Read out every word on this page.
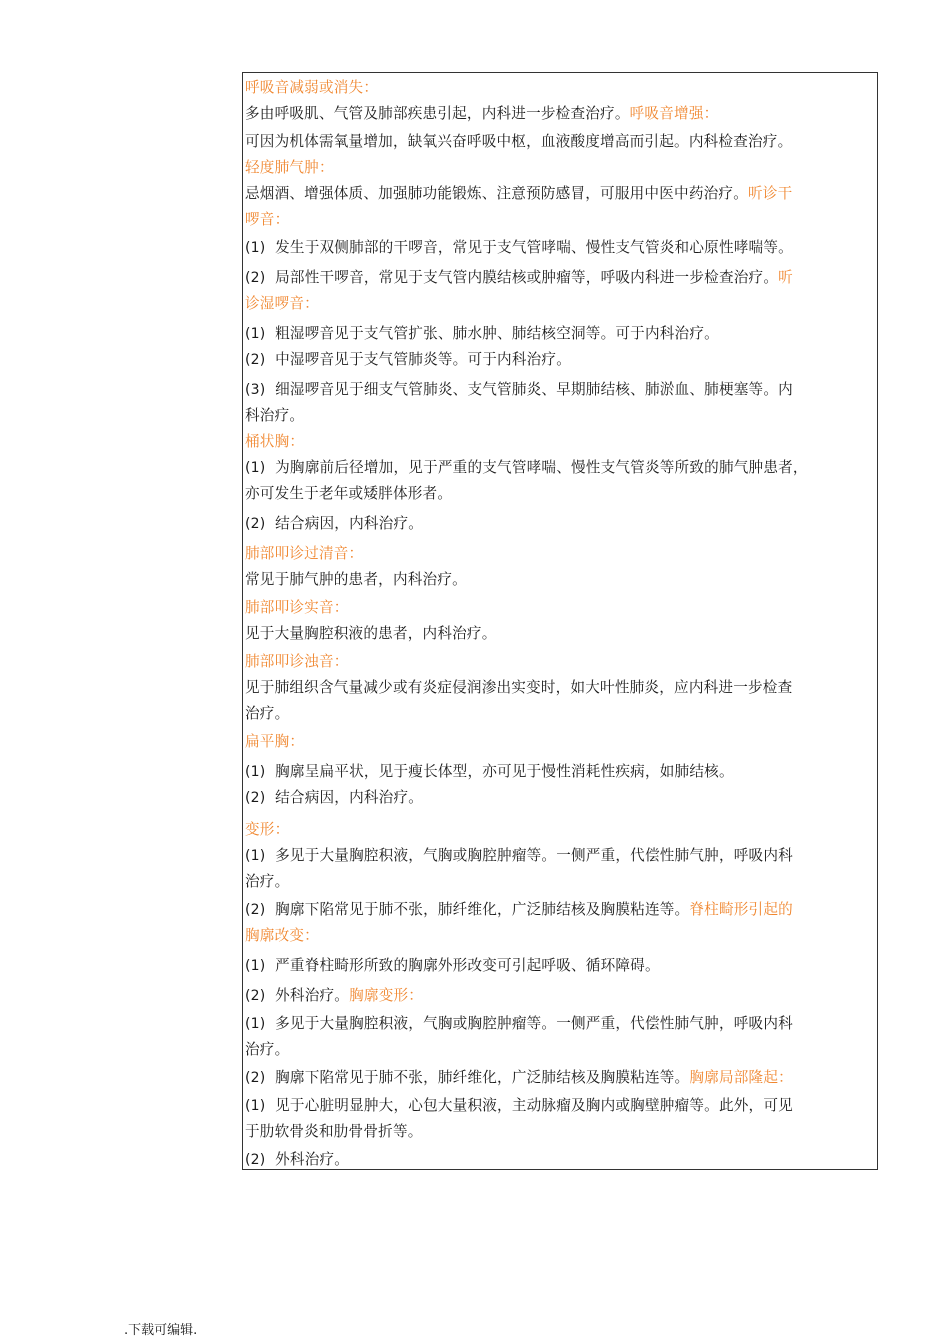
呼吸音减弱或消失：
多由呼吸肌、气管及肺部疾患引起，内科进一步检查治疗。呼吸音增强：
可因为机体需氧量增加，缺氧兴奋呼吸中枢，血液酸度增高而引起。内科检查治疗。
轻度肺气肿：
忌烟酒、增强体质、加强肺功能锻炼、注意预防感冒，可服用中医中药治疗。听诊干
啰音：
(1) 发生于双侧肺部的干啰音，常见于支气管哮喘、慢性支气管炎和心原性哮喘等。
(2) 局部性干啰音，常见于支气管内膜结核或肿瘤等，呼吸内科进一步检查治疗。听
诊湿啰音：
(1) 粗湿啰音见于支气管扩张、肺水肿、肺结核空洞等。可于内科治疗。
(2) 中湿啰音见于支气管肺炎等。可于内科治疗。
(3) 细湿啰音见于细支气管肺炎、支气管肺炎、早期肺结核、肺淤血、肺梗塞等。内
科治疗。
桶状胸：
(1) 为胸廓前后径增加，见于严重的支气管哮喘、慢性支气管炎等所致的肺气肿患者，
亦可发生于老年或矮胖体形者。
(2) 结合病因，内科治疗。
肺部叩诊过清音：
常见于肺气肿的患者，内科治疗。
肺部叩诊实音：
见于大量胸腔积液的患者，内科治疗。
肺部叩诊浊音：
见于肺组织含气量减少或有炎症侵润渗出实变时，如大叶性肺炎，应内科进一步检查
治疗。
扁平胸：
(1) 胸廓呈扁平状，见于瘦长体型，亦可见于慢性消耗性疾病，如肺结核。
(2) 结合病因，内科治疗。
变形：
(1) 多见于大量胸腔积液，气胸或胸腔肿瘤等。一侧严重，代偿性肺气肿，呼吸内科
治疗。
(2) 胸廓下陷常见于肺不张，肺纤维化，广泛肺结核及胸膜粘连等。脊柱畸形引起的
胸廓改变：
(1) 严重脊柱畸形所致的胸廓外形改变可引起呼吸、循环障碍。
(2) 外科治疗。胸廓变形：
(1) 多见于大量胸腔积液，气胸或胸腔肿瘤等。一侧严重，代偿性肺气肿，呼吸内科
治疗。
(2) 胸廓下陷常见于肺不张，肺纤维化，广泛肺结核及胸膜粘连等。胸廓局部隆起：
(1) 见于心脏明显肿大，心包大量积液，主动脉瘤及胸内或胸壁肿瘤等。此外，可见
于肋软骨炎和肋骨骨折等。
(2) 外科治疗。
.下载可编辑.
